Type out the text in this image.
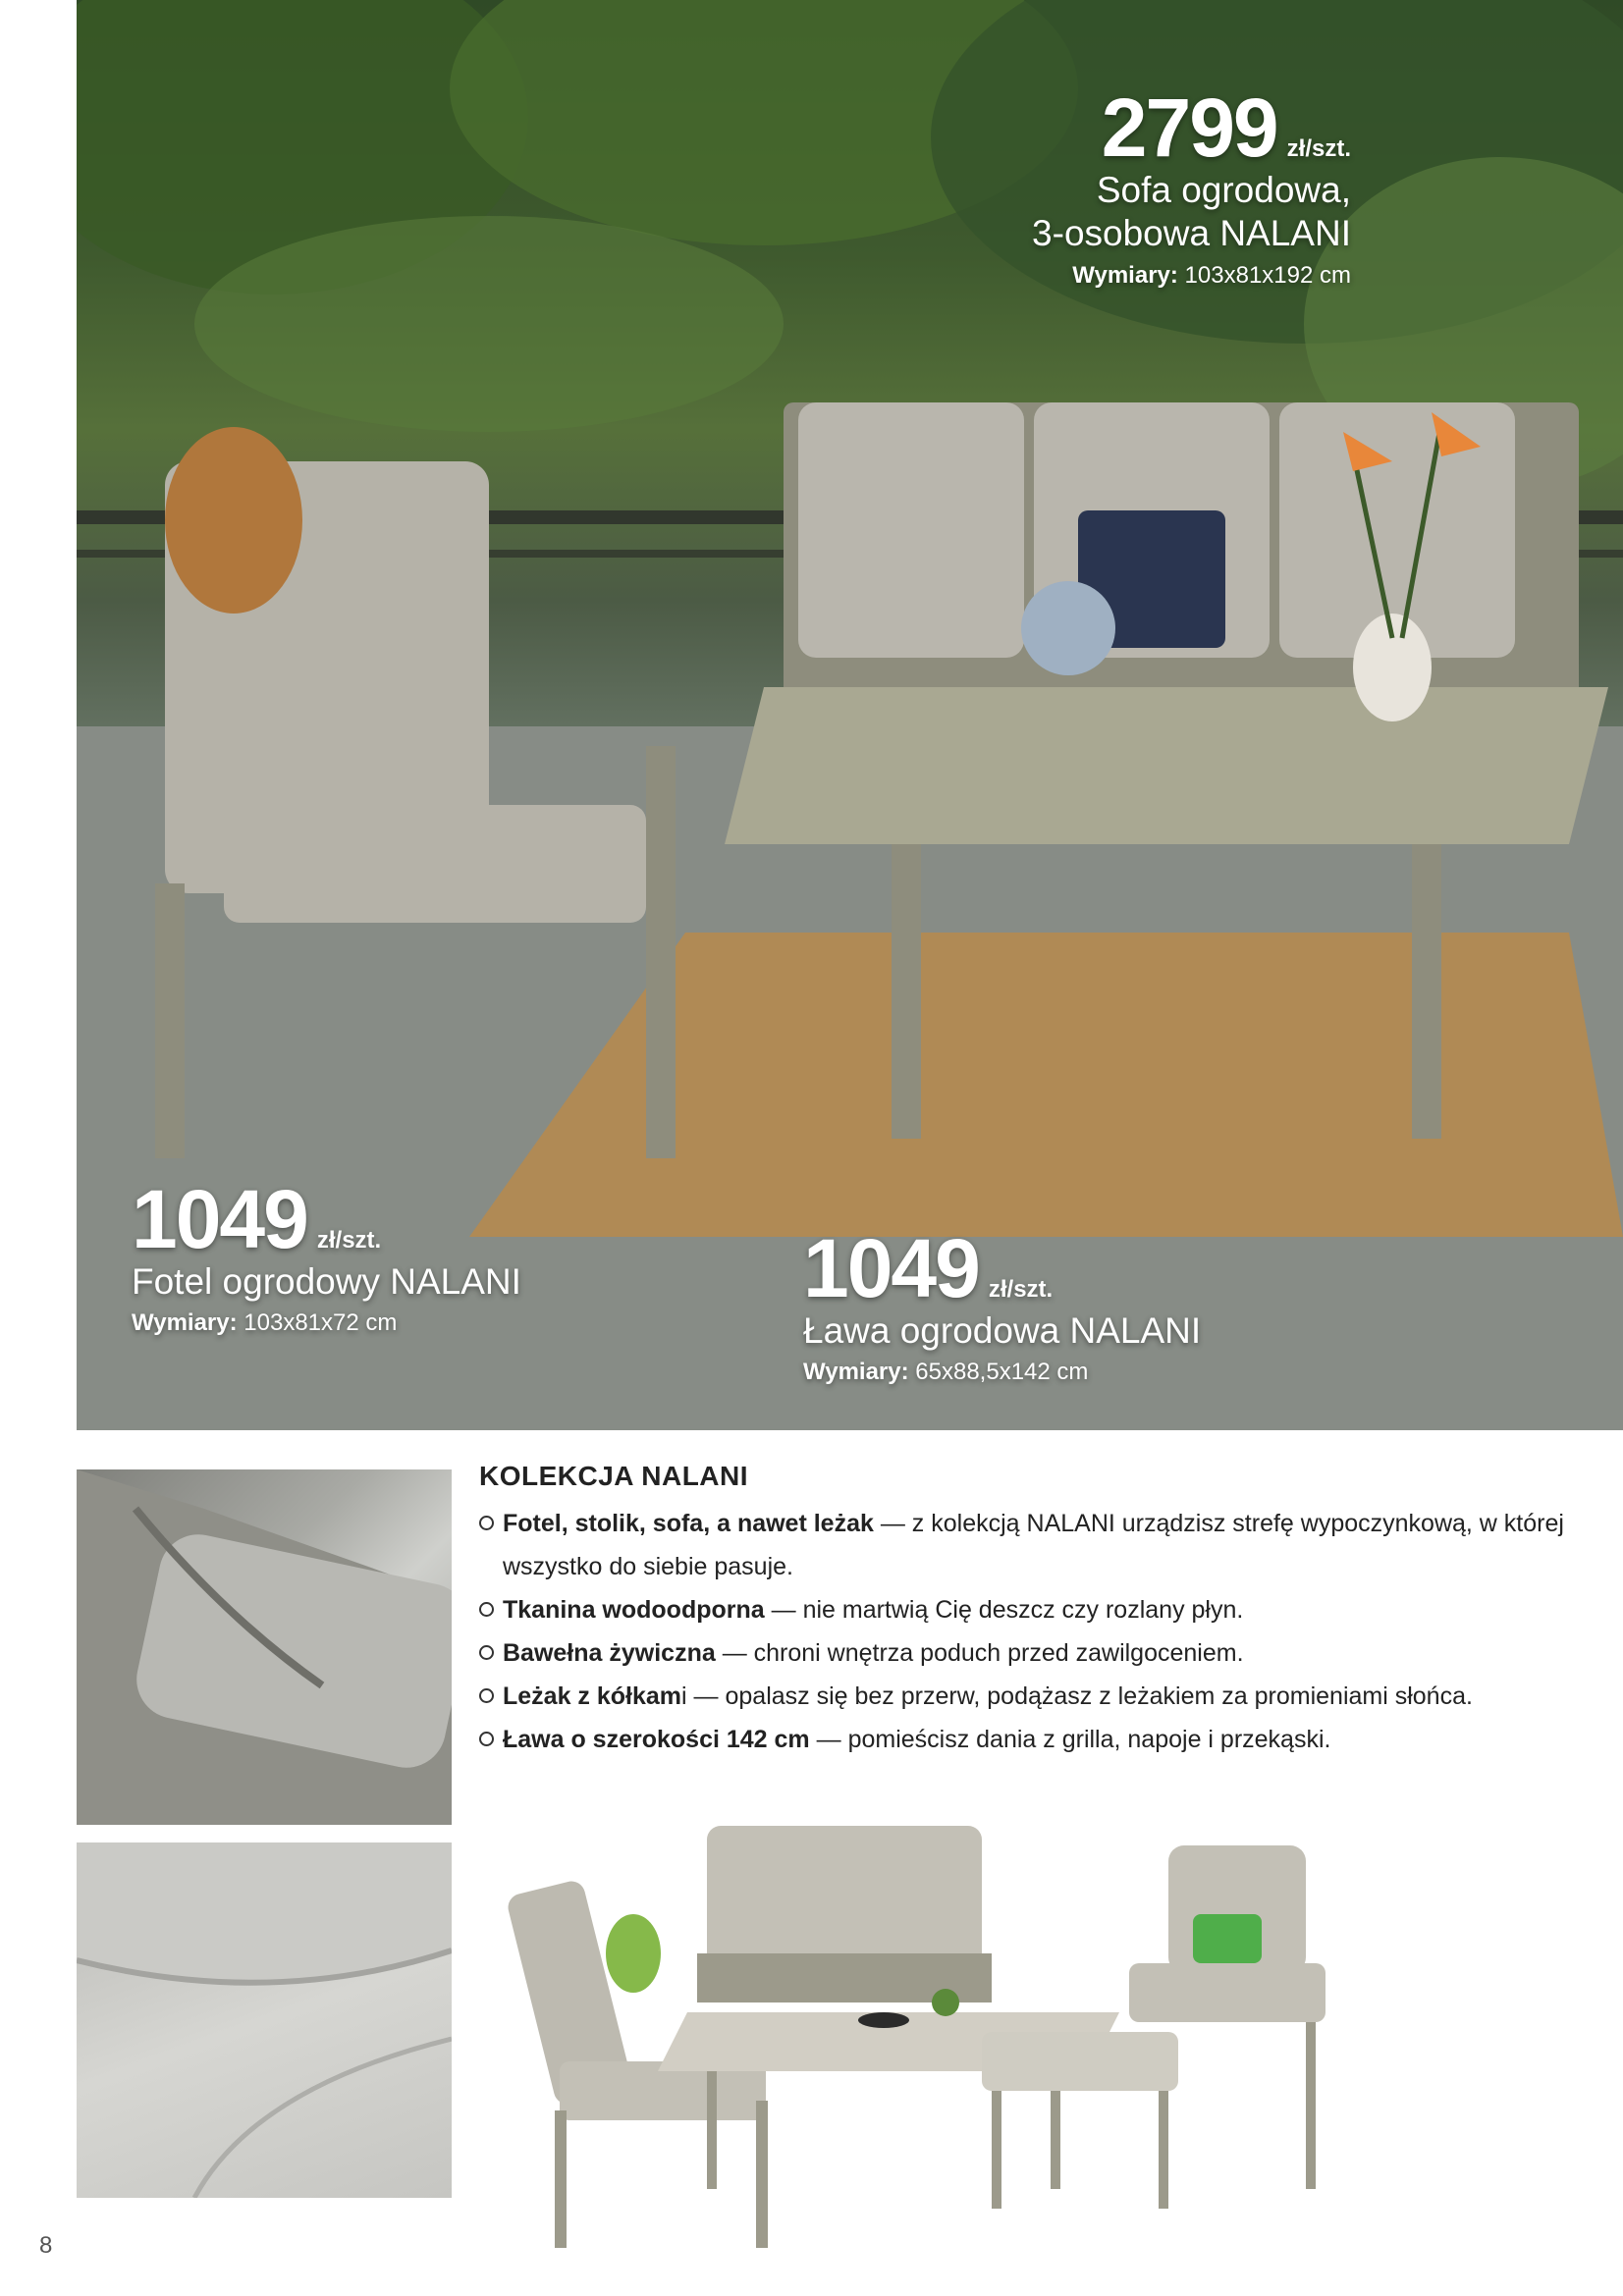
2799 zł/szt.
Sofa ogrodowa,
3-osobowa NALANI
Wymiary: 103x81x192 cm
1049 zł/szt.
Fotel ogrodowy NALANI
Wymiary: 103x81x72 cm
1049 zł/szt.
Ława ogrodowa NALANI
Wymiary: 65x88,5x142 cm
KOLEKCJA NALANI
Fotel, stolik, sofa, a nawet leżak — z kolekcją NALANI urządzisz strefę wypoczynkową, w której wszystko do siebie pasuje.
Tkanina wodoodporna — nie martwią Cię deszcz czy rozlany płyn.
Bawełna żywiczna — chroni wnętrza poduch przed zawilgoceniem.
Leżak z kółkami — opalasz się bez przerw, podążasz z leżakiem za promieniami słońca.
Ława o szerokości 142 cm — pomieścisz dania z grilla, napoje i przekąski.
8
